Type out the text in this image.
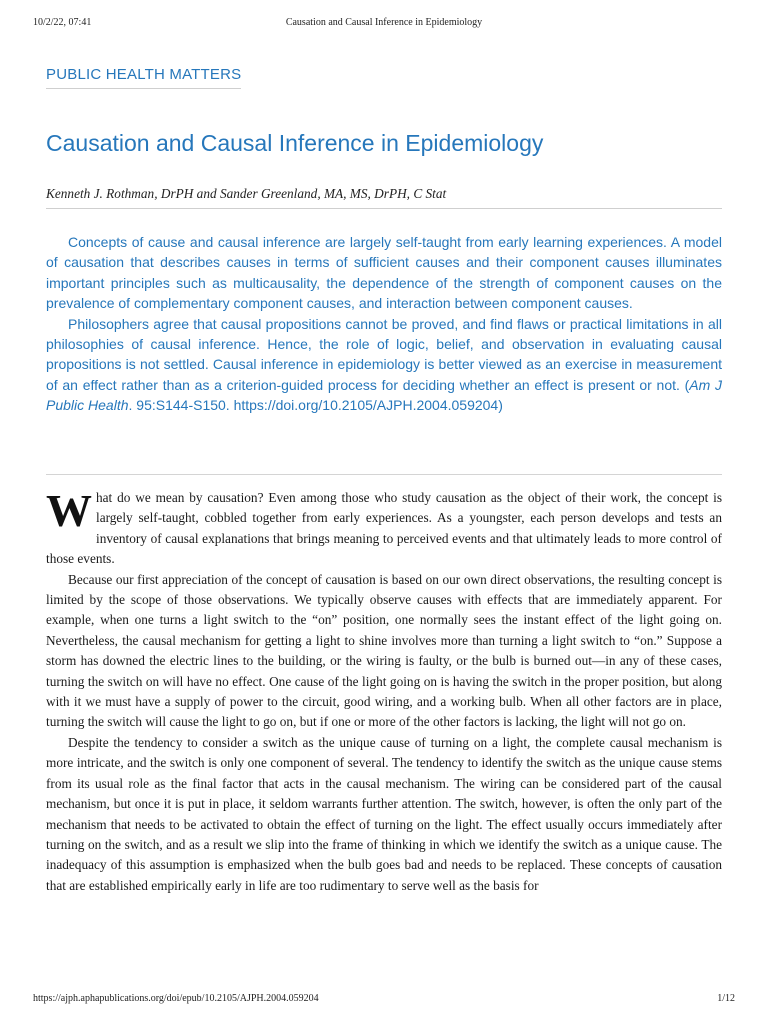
10/2/22, 07:41	Causation and Causal Inference in Epidemiology
PUBLIC HEALTH MATTERS
Causation and Causal Inference in Epidemiology
Kenneth J. Rothman, DrPH and Sander Greenland, MA, MS, DrPH, C Stat

Concepts of cause and causal inference are largely self-taught from early learning experiences. A model of causation that describes causes in terms of sufficient causes and their component causes illuminates important principles such as multicausality, the dependence of the strength of component causes on the prevalence of complementary component causes, and interaction between component causes.

Philosophers agree that causal propositions cannot be proved, and find flaws or practical limitations in all philosophies of causal inference. Hence, the role of logic, belief, and observation in evaluating causal propositions is not settled. Causal inference in epidemiology is better viewed as an exercise in measurement of an effect rather than as a criterion-guided process for deciding whether an effect is present or not. (Am J Public Health. 95:S144-S150. https://doi.org/10.2105/AJPH.2004.059204)

What do we mean by causation? Even among those who study causation as the object of their work, the concept is largely self-taught, cobbled together from early experiences. As a youngster, each person develops and tests an inventory of causal explanations that brings meaning to perceived events and that ultimately leads to more control of those events.

Because our first appreciation of the concept of causation is based on our own direct observations, the resulting concept is limited by the scope of those observations. We typically observe causes with effects that are immediately apparent. For example, when one turns a light switch to the “on” position, one normally sees the instant effect of the light going on. Nevertheless, the causal mechanism for getting a light to shine involves more than turning a light switch to “on.” Suppose a storm has downed the electric lines to the building, or the wiring is faulty, or the bulb is burned out—in any of these cases, turning the switch on will have no effect. One cause of the light going on is having the switch in the proper position, but along with it we must have a supply of power to the circuit, good wiring, and a working bulb. When all other factors are in place, turning the switch will cause the light to go on, but if one or more of the other factors is lacking, the light will not go on.

Despite the tendency to consider a switch as the unique cause of turning on a light, the complete causal mechanism is more intricate, and the switch is only one component of several. The tendency to identify the switch as the unique cause stems from its usual role as the final factor that acts in the causal mechanism. The wiring can be considered part of the causal mechanism, but once it is put in place, it seldom warrants further attention. The switch, however, is often the only part of the mechanism that needs to be activated to obtain the effect of turning on the light. The effect usually occurs immediately after turning on the switch, and as a result we slip into the frame of thinking in which we identify the switch as a unique cause. The inadequacy of this assumption is emphasized when the bulb goes bad and needs to be replaced. These concepts of causation that are established empirically early in life are too rudimentary to serve well as the basis for

https://ajph.aphapublications.org/doi/epub/10.2105/AJPH.2004.059204	1/12
